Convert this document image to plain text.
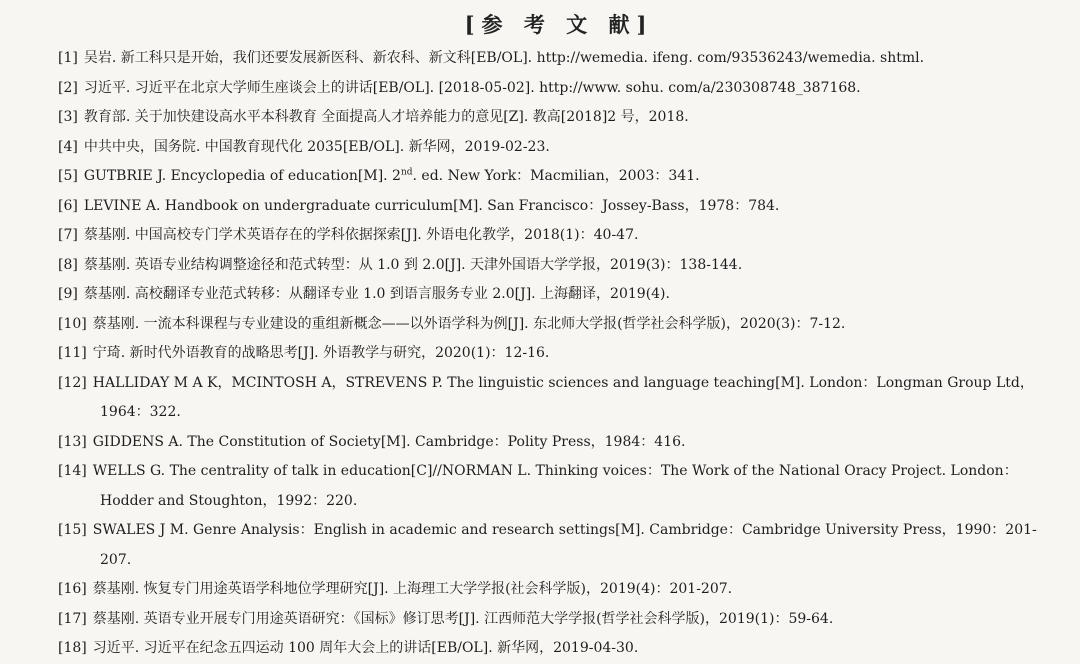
[参 考 文 献]
[1] 吴岩. 新工科只是开始，我们还要发展新医科、新农科、新文科[EB/OL]. http://wemedia. ifeng. com/93536243/wemedia. shtml.
[2] 习近平. 习近平在北京大学师生座谈会上的讲话[EB/OL]. [2018-05-02]. http://www. sohu. com/a/230308748_387168.
[3] 教育部. 关于加快建设高水平本科教育 全面提高人才培养能力的意见[Z]. 教高[2018]2 号，2018.
[4] 中共中央，国务院. 中国教育现代化 2035[EB/OL]. 新华网，2019-02-23.
[5] GUTBRIE J. Encyclopedia of education[M]. 2nd. ed. New York：Macmilian，2003：341.
[6] LEVINE A. Handbook on undergraduate curriculum[M]. San Francisco：Jossey-Bass，1978：784.
[7] 蔡基刚. 中国高校专门学术英语存在的学科依据探索[J]. 外语电化教学，2018(1)：40-47.
[8] 蔡基刚. 英语专业结构调整途径和范式转型：从 1.0 到 2.0[J]. 天津外国语大学学报，2019(3)：138-144.
[9] 蔡基刚. 高校翻译专业范式转移：从翻译专业 1.0 到语言服务专业 2.0[J]. 上海翻译，2019(4).
[10] 蔡基刚. 一流本科课程与专业建设的重组新概念——以外语学科为例[J]. 东北师大学报(哲学社会科学版)，2020(3)：7-12.
[11] 宁琦. 新时代外语教育的战略思考[J]. 外语教学与研究，2020(1)：12-16.
[12] HALLIDAY M A K，MCINTOSH A，STREVENS P. The linguistic sciences and language teaching[M]. London：Longman Group Ltd，1964：322.
[13] GIDDENS A. The Constitution of Society[M]. Cambridge：Polity Press，1984：416.
[14] WELLS G. The centrality of talk in education[C]//NORMAN L. Thinking voices：The Work of the National Oracy Project. London：Hodder and Stoughton，1992：220.
[15] SWALES J M. Genre Analysis：English in academic and research settings[M]. Cambridge：Cambridge University Press，1990：201-207.
[16] 蔡基刚. 恢复专门用途英语学科地位学理研究[J]. 上海理工大学学报(社会科学版)，2019(4)：201-207.
[17] 蔡基刚. 英语专业开展专门用途英语研究：《国标》修订思考[J]. 江西师范大学学报(哲学社会科学版)，2019(1)：59-64.
[18] 习近平. 习近平在纪念五四运动 100 周年大会上的讲话[EB/OL]. 新华网，2019-04-30.
